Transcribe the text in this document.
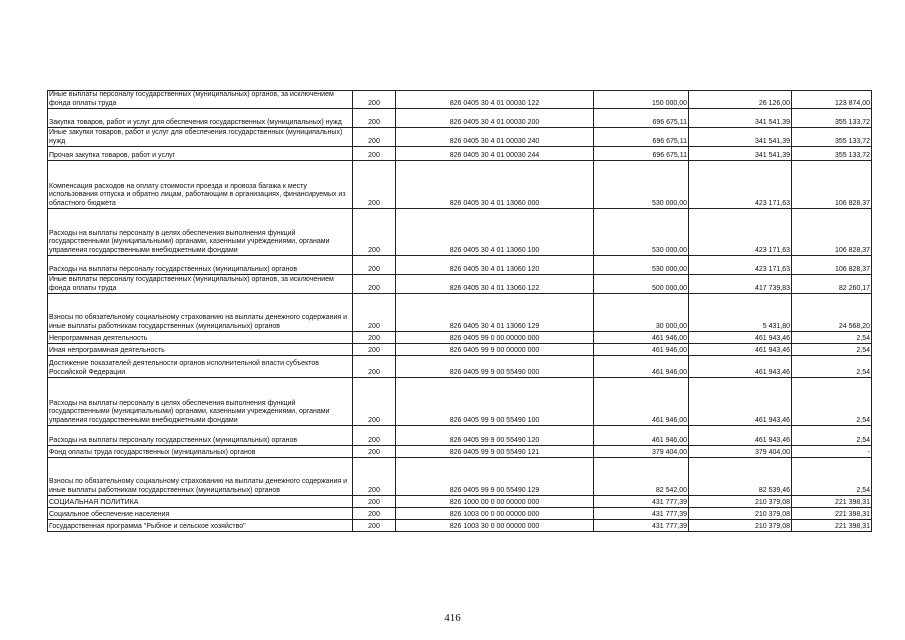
Иные выплаты персоналу государственных (муниципальных) органов, за исключением фонда оплаты труда	200	826 0405 30 4 01 00030 122	150 000,00	26 126,00	123 874,00
Закупка товаров, работ и услуг для обеспечения государственных (муниципальных) нужд	200	826 0405 30 4 01 00030 200	696 675,11	341 541,39	355 133,72
Иные закупки товаров, работ и услуг для обеспечения государственных (муниципальных) нужд	200	826 0405 30 4 01 00030 240	696 675,11	341 541,39	355 133,72
Прочая закупка товаров, работ и услуг	200	826 0405 30 4 01 00030 244	696 675,11	341 541,39	355 133,72
Компенсация расходов на оплату стоимости проезда и провоза багажа к месту использования отпуска и обратно лицам, работающим в организациях, финансируемых из областного бюджета	200	826 0405 30 4 01 13060 000	530 000,00	423 171,63	106 828,37
Расходы на выплаты персоналу в целях обеспечения выполнения функций государственными (муниципальными) органами, казенными учреждениями, органами управления государственными внебюджетными фондами	200	826 0405 30 4 01 13060 100	530 000,00	423 171,63	106 828,37
Расходы на выплаты персоналу государственных (муниципальных) органов	200	826 0405 30 4 01 13060 120	530 000,00	423 171,63	106 828,37
Иные выплаты персоналу государственных (муниципальных) органов, за исключением фонда оплаты труда	200	826 0405 30 4 01 13060 122	500 000,00	417 739,83	82 260,17
Взносы по обязательному социальному страхованию на выплаты денежного содержания и иные выплаты работникам государственных (муниципальных) органов	200	826 0405 30 4 01 13060 129	30 000,00	5 431,80	24 568,20
Непрограммная деятельность	200	826 0405 99 0 00 00000 000	461 946,00	461 943,46	2,54
Иная непрограммная деятельность	200	826 0405 99 9 00 00000 000	461 946,00	461 943,46	2,54
Достижение показателей деятельности органов исполнительной власти субъектов Российской Федерации	200	826 0405 99 9 00 55490 000	461 946,00	461 943,46	2,54
Расходы на выплаты персоналу в целях обеспечения выполнения функций государственными (муниципальными) органами, казенными учреждениями, органами управления государственными внебюджетными фондами	200	826 0405 99 9 00 55490 100	461 946,00	461 943,46	2,54
Расходы на выплаты персоналу государственных (муниципальных) органов	200	826 0405 99 9 00 55490 120	461 946,00	461 943,46	2,54
Фонд оплаты труда государственных (муниципальных) органов	200	826 0405 99 9 00 55490 121	379 404,00	379 404,00	-
Взносы по обязательному социальному страхованию на выплаты денежного содержания и иные выплаты работникам государственных (муниципальных) органов	200	826 0405 99 9 00 55490 129	82 542,00	82 539,46	2,54
СОЦИАЛЬНАЯ ПОЛИТИКА	200	826 1000 00 0 00 00000 000	431 777,39	210 379,08	221 398,31
Социальное обеспечение населения	200	826 1003 00 0 00 00000 000	431 777,39	210 379,08	221 398,31
Государственная программа "Рыбное и сельское хозяйство"	200	826 1003 30 0 00 00000 000	431 777,39	210 379,08	221 398,31
416
